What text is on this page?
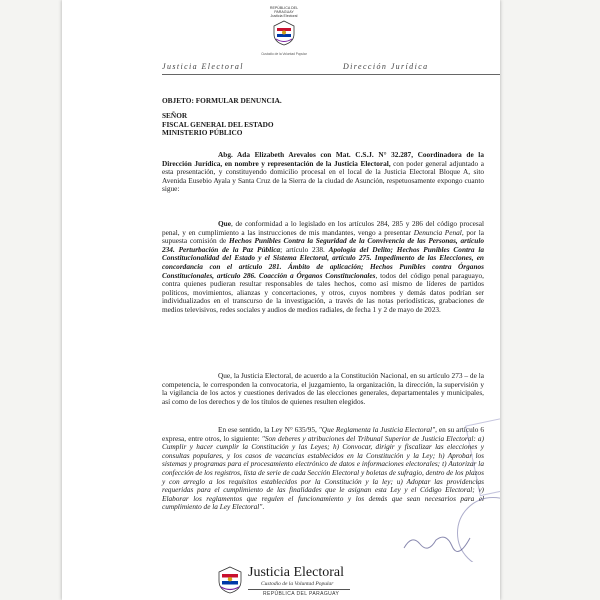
REPÚBLICA DEL PARAGUAY
Justicia Electoral
Custodio de la Voluntad Popular
Justicia Electoral	Dirección Jurídica
OBJETO: FORMULAR DENUNCIA.
SEÑOR
FISCAL GENERAL DEL ESTADO
MINISTERIO PÚBLICO
Abg. Ada Elizabeth Arevalos con Mat. C.S.J. N° 32.287, Coordinadora de la Dirección Jurídica, en nombre y representación de la Justicia Electoral, con poder general adjuntado a esta presentación, y constituyendo domicilio procesal en el local de la Justicia Electoral Bloque A, sito Avenida Eusebio Ayala y Santa Cruz de la Sierra de la ciudad de Asunción, respetuosamente expongo cuanto sigue:
Que, de conformidad a lo legislado en los artículos 284, 285 y 286 del código procesal penal, y en cumplimiento a las instrucciones de mis mandantes, vengo a presentar Denuncia Penal, por la supuesta comisión de Hechos Punibles Contra la Seguridad de la Convivencia de las Personas, artículo 234. Perturbación de la Paz Pública; artículo 238. Apología del Delito; Hechos Punibles Contra la Constitucionalidad del Estado y el Sistema Electoral, artículo 275. Impedimento de las Elecciones, en concordancia con el artículo 281. Ámbito de aplicación; Hechos Punibles contra Órganos Constitucionales, artículo 286. Coacción a Órganos Constitucionales, todos del código penal paraguayo, contra quienes pudieran resultar responsables de tales hechos, como así mismo de líderes de partidos políticos, movimientos, alianzas y concertaciones, y otros, cuyos nombres y demás datos podrían ser individualizados en el transcurso de la investigación, a través de las notas periodísticas, grabaciones de medios televisivos, redes sociales y audios de medios radiales, de fecha 1 y 2 de mayo de 2023.
Que, la Justicia Electoral, de acuerdo a la Constitución Nacional, en su artículo 273 – de la competencia, le corresponden la convocatoria, el juzgamiento, la organización, la dirección, la supervisión y la vigilancia de los actos y cuestiones derivados de las elecciones generales, departamentales y municipales, así como de los derechos y de los títulos de quienes resulten elegidos.
En ese sentido, la Ley N° 635/95, "Que Reglamenta la Justicia Electoral", en su artículo 6 expresa, entre otros, lo siguiente: "Son deberes y atribuciones del Tribunal Superior de Justicia Electoral: a) Cumplir y hacer cumplir la Constitución y las Leyes; h) Convocar, dirigir y fiscalizar las elecciones y consultas populares, y los casos de vacancias establecidos en la Constitución y la Ley; h) Aprobar los sistemas y programas para el procesamiento electrónico de datos e informaciones electorales; t) Autorizar la confección de los registros, lista de serie de cada Sección Electoral y boletas de sufragio, dentro de los plazos y con arreglo a los requisitos establecidos por la Constitución y la ley; u) Adoptar las providencias requeridas para el cumplimiento de las finalidades que le asignan esta Ley y el Código Electoral; v) Elaborar los reglamentos que regulen el funcionamiento y los demás que sean necesarios para el cumplimiento de la Ley Electoral".
Justicia Electoral
Custodio de la Voluntad Popular
REPÚBLICA DEL PARAGUAY
